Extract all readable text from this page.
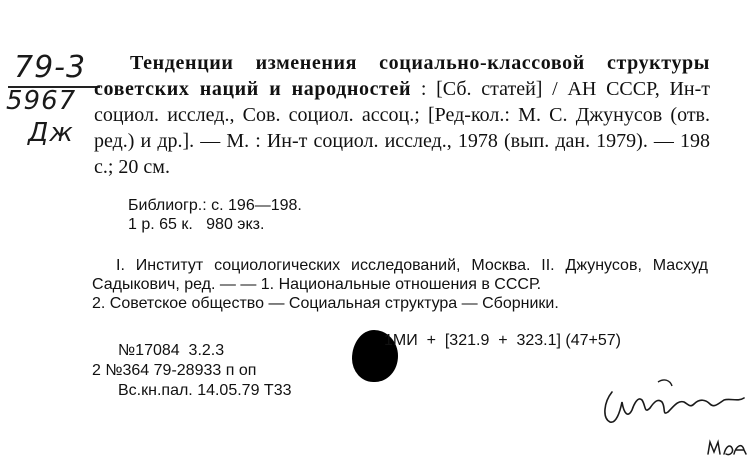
79-3
5967
Дж
Тенденции изменения социально-классовой структуры советских наций и народностей : [Сб. статей] / АН СССР, Ин-т социол. исслед., Сов. социол. ассоц.; [Ред-кол.: М. С. Джунусов (отв. ред.) и др.]. — М. : Ин-т социол. исслед., 1978 (вып. дан. 1979). — 198 с.; 20 см.
Библиогр.: с. 196—198.
1 р. 65 к.   980 экз.
I. Институт социологических исследований, Москва. II. Джунусов, Масхуд Садыкович, ред. — — 1. Национальные отношения в СССР.
2. Советское общество — Социальная структура — Сборники.
1МИ  +  [321.9  +  323.1] (47+57)
№17084  3.2.3
2 №364 79-28933 п оп
Вс.кн.пал. 14.05.79 Т33
